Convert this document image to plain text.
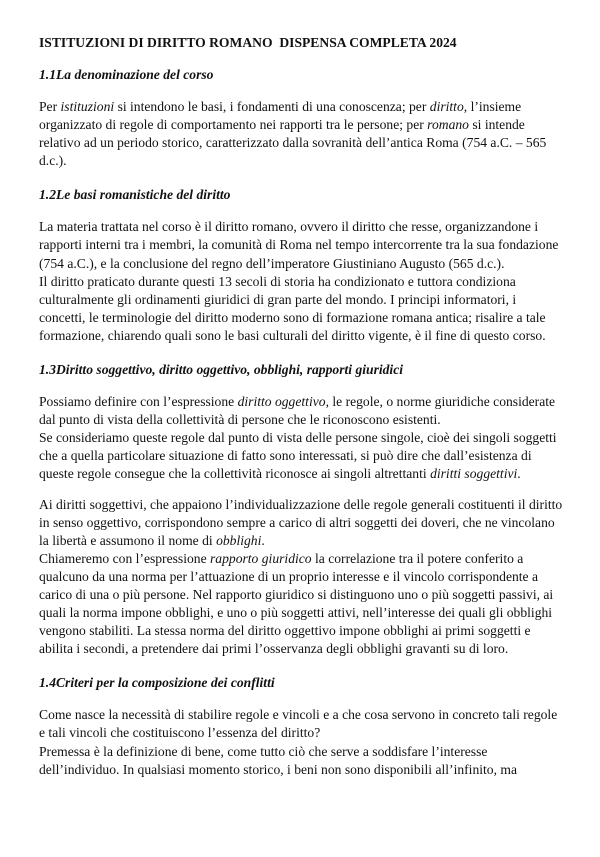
ISTITUZIONI DI DIRITTO ROMANO  DISPENSA COMPLETA 2024
1.1La denominazione del corso

Per istituzioni si intendono le basi, i fondamenti di una conoscenza; per diritto, l’insieme organizzato di regole di comportamento nei rapporti tra le persone; per romano si intende relativo ad un periodo storico, caratterizzato dalla sovranità dell’antica Roma (754 a.C. – 565 d.c.).

1.2Le basi romanistiche del diritto

La materia trattata nel corso è il diritto romano, ovvero il diritto che resse, organizzandone i rapporti interni tra i membri, la comunità di Roma nel tempo intercorrente tra la sua fondazione (754 a.C.), e la conclusione del regno dell’imperatore Giustiniano Augusto (565 d.c.).

Il diritto praticato durante questi 13 secoli di storia ha condizionato e tuttora condiziona culturalmente gli ordinamenti giuridici di gran parte del mondo. I principi informatori, i concetti, le terminologie del diritto moderno sono di formazione romana antica; risalire a tale formazione, chiarendo quali sono le basi culturali del diritto vigente, è il fine di questo corso.

1.3Diritto soggettivo, diritto oggettivo, obblighi, rapporti giuridici

Possiamo definire con l’espressione diritto oggettivo, le regole, o norme giuridiche considerate dal punto di vista della collettività di persone che le riconoscono esistenti.

Se consideriamo queste regole dal punto di vista delle persone singole, cioè dei singoli soggetti che a quella particolare situazione di fatto sono interessati, si può dire che dall’esistenza di queste regole consegue che la collettività riconosce ai singoli altrettanti diritti soggettivi.

Ai diritti soggettivi, che appaiono l’individualizzazione delle regole generali costituenti il diritto in senso oggettivo, corrispondono sempre a carico di altri soggetti dei doveri, che ne vincolano la libertà e assumono il nome di obblighi.

Chiameremo con l’espressione rapporto giuridico la correlazione tra il potere conferito a qualcuno da una norma per l’attuazione di un proprio interesse e il vincolo corrispondente a carico di una o più persone. Nel rapporto giuridico si distinguono uno o più soggetti passivi, ai quali la norma impone obblighi, e uno o più soggetti attivi, nell’interesse dei quali gli obblighi vengono stabiliti. La stessa norma del diritto oggettivo impone obblighi ai primi soggetti e abilita i secondi, a pretendere dai primi l’osservanza degli obblighi gravanti su di loro.

1.4Criteri per la composizione dei conflitti

Come nasce la necessità di stabilire regole e vincoli e a che cosa servono in concreto tali regole e tali vincoli che costituiscono l’essenza del diritto?

Premessa è la definizione di bene, come tutto ciò che serve a soddisfare l’interesse dell’individuo. In qualsiasi momento storico, i beni non sono disponibili all’infinito, ma
